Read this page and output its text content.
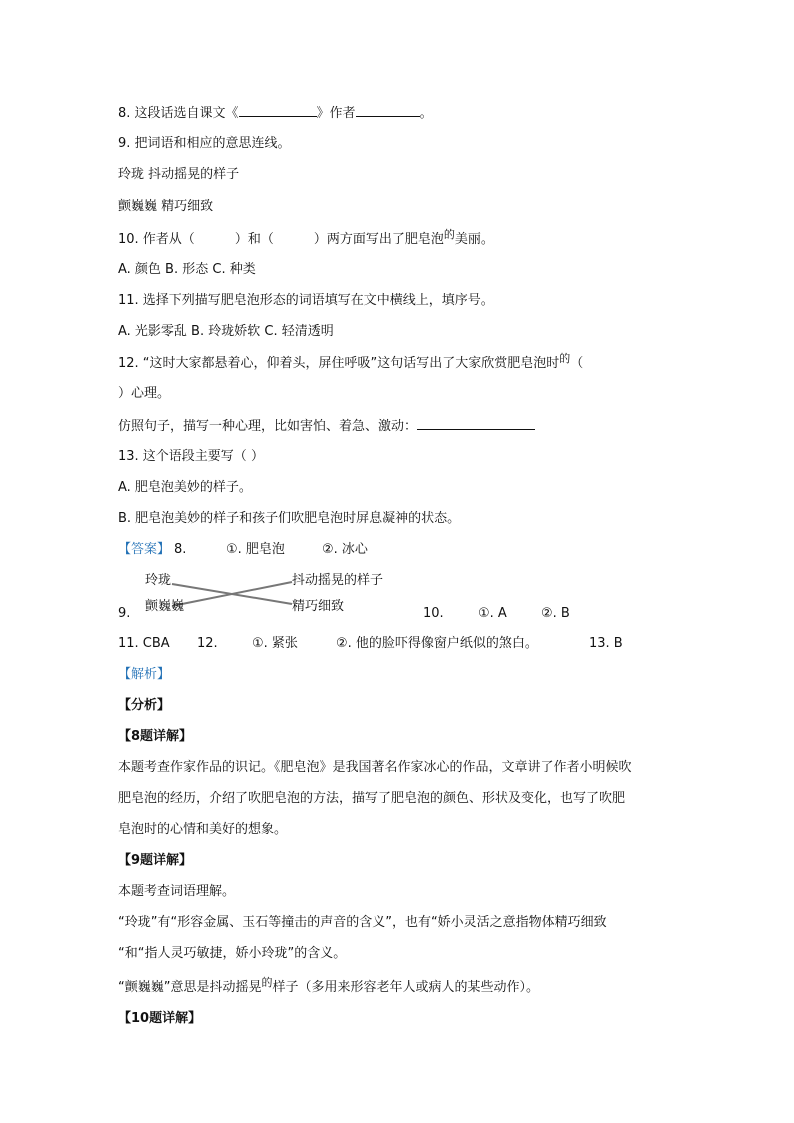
8. 这段话选自课文《	》作者	。
9. 把词语和相应的意思连线。
玲珑 抖动摇晃的样子
颤巍巍 精巧细致
10. 作者从（	）和（	）两方面写出了肥皂泡$^的$美丽。
A. 颜色 B. 形态 C. 种类
11. 选择下列描写肥皂泡形态的词语填写在文中横线上，填序号。
A. 光影零乱 B. 玲珑娇软 C. 轻清透明
12. “这时大家都悬着心，仰着头，屏住呼吸”这句话写出了大家欣赏肥皂泡时$^的$（
）心理。
仿照句子，描写一种心理，比如害怕、着急、激动：
13. 这个语段主要写（ ）
A. 肥皂泡美妙的样子。
B. 肥皂泡美妙的样子和孩子们吹肥皂泡时屏息凝神的状态。
【答案】 8.	①. 肥皂泡	②. 冰心
玲珑
颤巍巍
抖动摇晃的样子
精巧细致
9.	10.	①. A	②. B
11. CBA 12.	①. 紧张	②. 他的脸吓得像窗户纸似的煞白。	13. B
【解析】
【分析】
【8题详解】
本题考查作家作品的识记。《肥皂泡》是我国著名作家冰心的作品，文章讲了作者小明候吹
肥皂泡的经历，介绍了吹肥皂泡的方法，描写了肥皂泡的颜色、形状及变化，也写了吹肥
皂泡时的心情和美好的想象。
【9题详解】
本题考查词语理解。
“玲珑”有“形容金属、玉石等撞击的声音的含义”，也有“娇小灵活之意指物体精巧细致
“和“指人灵巧敏捷，娇小玲珑”的含义。
“颤巍巍”意思是抖动摇晃$^的$样子（多用来形容老年人或病人的某些动作）。
【10题详解】
